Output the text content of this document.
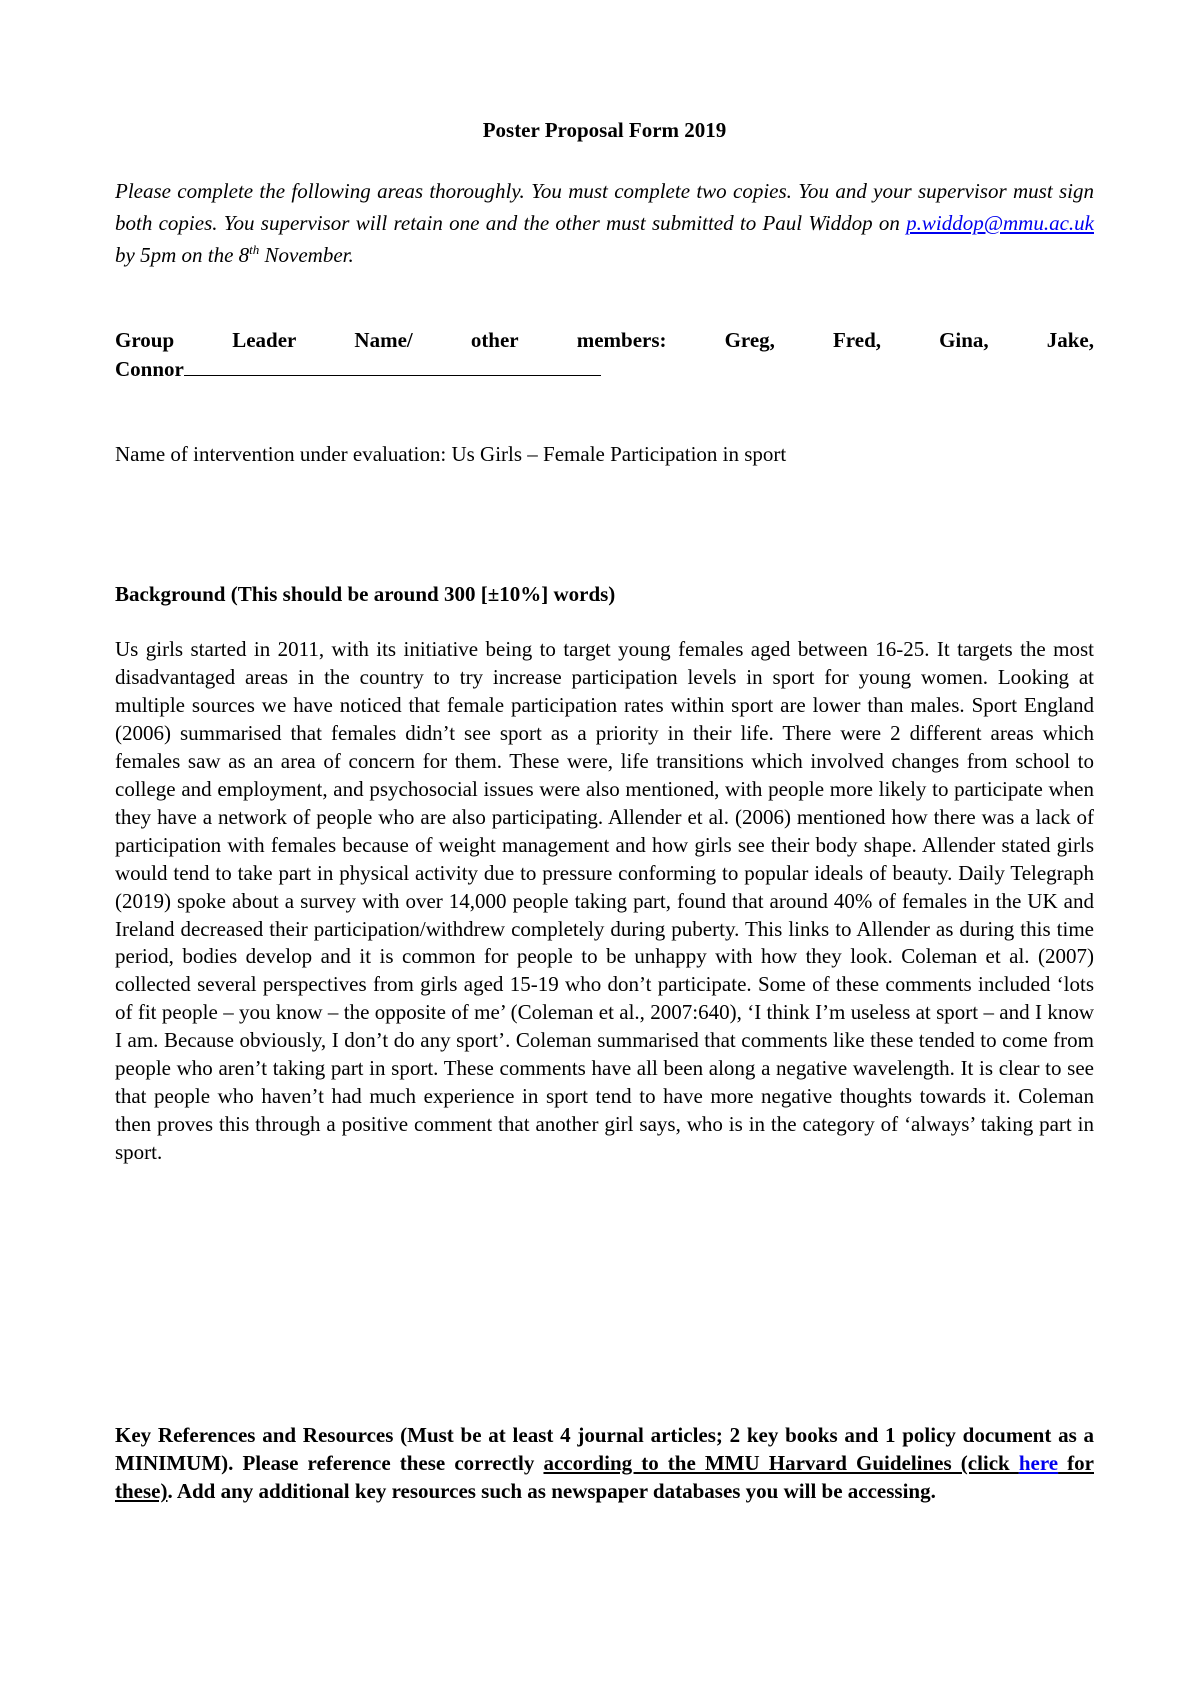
Poster Proposal Form 2019

Please complete the following areas thoroughly. You must complete two copies. You and your supervisor must sign both copies. You supervisor will retain one and the other must submitted to Paul Widdop on p.widdop@mmu.ac.uk by 5pm on the 8th November.

Group	Leader	Name/	other	members:	Greg,	Fred,	Gina,	Jake,
Connor

Name of intervention under evaluation: Us Girls – Female Participation in sport

Background (This should be around 300 [±10%] words)

Us girls started in 2011, with its initiative being to target young females aged between 16-25. It targets the most disadvantaged areas in the country to try increase participation levels in sport for young women. Looking at multiple sources we have noticed that female participation rates within sport are lower than males. Sport England (2006) summarised that females didn’t see sport as a priority in their life. There were 2 different areas which females saw as an area of concern for them. These were, life transitions which involved changes from school to college and employment, and psychosocial issues were also mentioned, with people more likely to participate when they have a network of people who are also participating. Allender et al. (2006) mentioned how there was a lack of participation with females because of weight management and how girls see their body shape. Allender stated girls would tend to take part in physical activity due to pressure conforming to popular ideals of beauty. Daily Telegraph (2019) spoke about a survey with over 14,000 people taking part, found that around 40% of females in the UK and Ireland decreased their participation/withdrew completely during puberty. This links to Allender as during this time period, bodies develop and it is common for people to be unhappy with how they look. Coleman et al. (2007) collected several perspectives from girls aged 15-19 who don’t participate. Some of these comments included ‘lots of fit people – you know – the opposite of me’ (Coleman et al., 2007:640), ‘I think I’m useless at sport – and I know I am. Because obviously, I don’t do any sport’. Coleman summarised that comments like these tended to come from people who aren’t taking part in sport. These comments have all been along a negative wavelength. It is clear to see that people who haven’t had much experience in sport tend to have more negative thoughts towards it. Coleman then proves this through a positive comment that another girl says, who is in the category of ‘always’ taking part in sport.

Key References and Resources (Must be at least 4 journal articles; 2 key books and 1 policy document as a MINIMUM). Please reference these correctly according to the MMU Harvard Guidelines (click here for these). Add any additional key resources such as newspaper databases you will be accessing.
